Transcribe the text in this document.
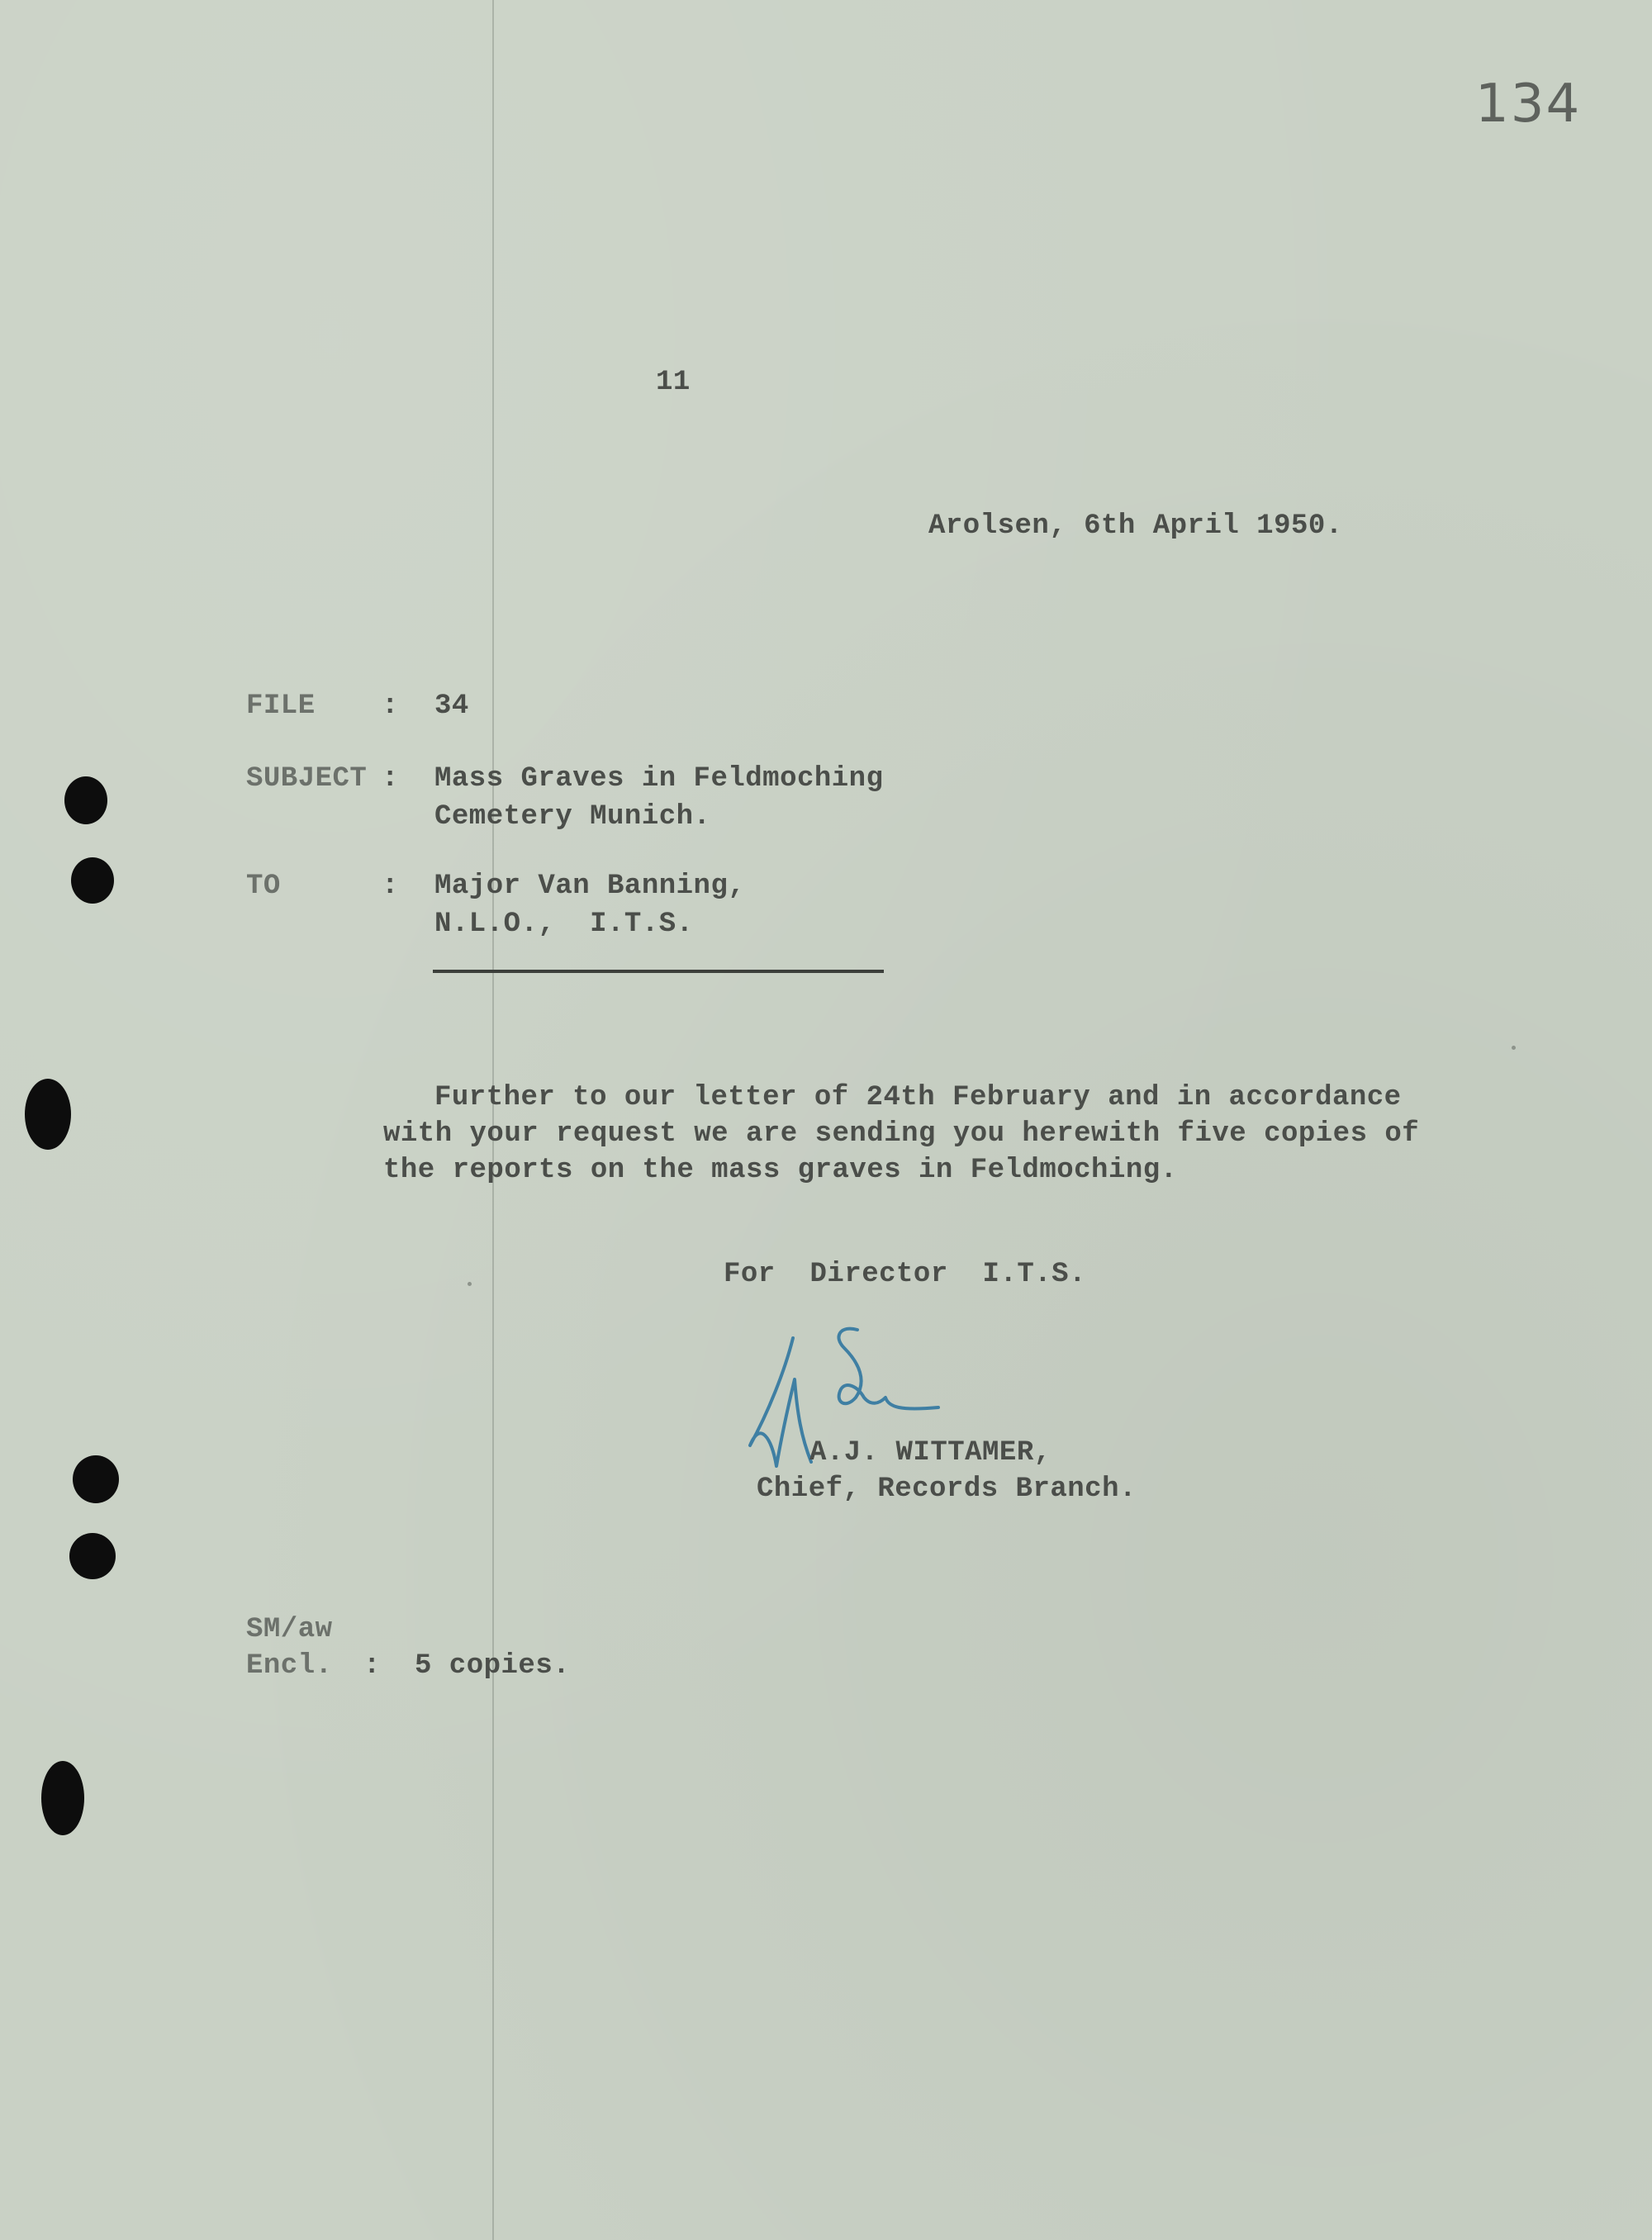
134
11
Arolsen, 6th April 1950.
FILE : 34
SUBJECT : Mass Graves in Feldmoching
Cemetery Munich.
TO	: Major Van Banning,
N.L.O.,  I.T.S.
Further to our letter of 24th February and in accordance
with your request we are sending you herewith five copies of
the reports on the mass graves in Feldmoching.
For  Director  I.T.S.
A.J. WITTAMER,
Chief, Records Branch.
SM/aw
Encl. : 5 copies.
